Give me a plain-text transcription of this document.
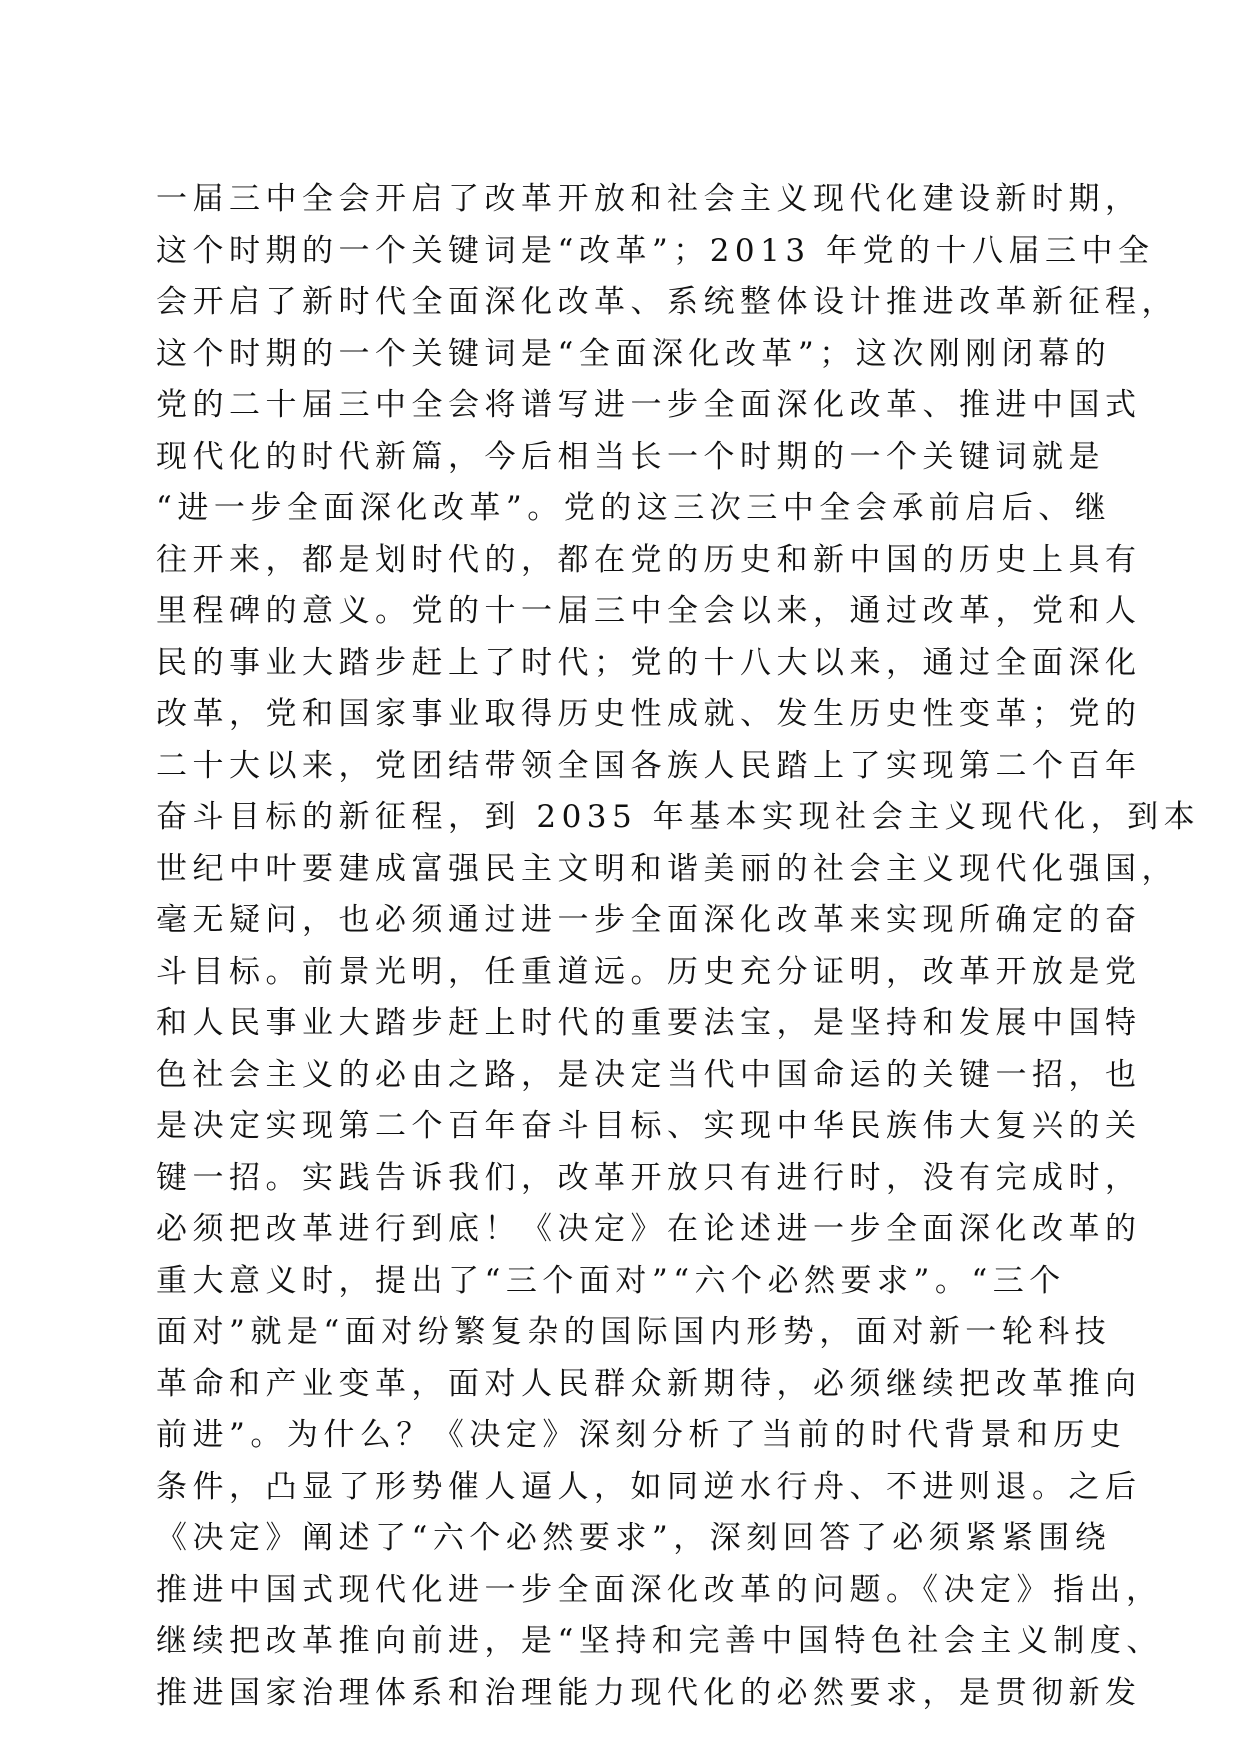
一届三中全会开启了改革开放和社会主义现代化建设新时期，
这个时期的一个关键词是“改革”；2013 年党的十八届三中全
会开启了新时代全面深化改革、系统整体设计推进改革新征程，
这个时期的一个关键词是“全面深化改革”；这次刚刚闭幕的
党的二十届三中全会将谱写进一步全面深化改革、推进中国式
现代化的时代新篇，今后相当长一个时期的一个关键词就是
“进一步全面深化改革”。党的这三次三中全会承前启后、继
往开来，都是划时代的，都在党的历史和新中国的历史上具有
里程碑的意义。党的十一届三中全会以来，通过改革，党和人
民的事业大踏步赶上了时代；党的十八大以来，通过全面深化
改革，党和国家事业取得历史性成就、发生历史性变革；党的
二十大以来，党团结带领全国各族人民踏上了实现第二个百年
奋斗目标的新征程，到 2035 年基本实现社会主义现代化，到本
世纪中叶要建成富强民主文明和谐美丽的社会主义现代化强国，
毫无疑问，也必须通过进一步全面深化改革来实现所确定的奋
斗目标。前景光明，任重道远。历史充分证明，改革开放是党
和人民事业大踏步赶上时代的重要法宝，是坚持和发展中国特
色社会主义的必由之路，是决定当代中国命运的关键一招，也
是决定实现第二个百年奋斗目标、实现中华民族伟大复兴的关
键一招。实践告诉我们，改革开放只有进行时，没有完成时，
必须把改革进行到底！《决定》在论述进一步全面深化改革的
重大意义时，提出了“三个面对”“六个必然要求”。“三个
面对”就是“面对纷繁复杂的国际国内形势，面对新一轮科技
革命和产业变革，面对人民群众新期待，必须继续把改革推向
前进”。为什么？《决定》深刻分析了当前的时代背景和历史
条件，凸显了形势催人逼人，如同逆水行舟、不进则退。之后
《决定》阐述了“六个必然要求”，深刻回答了必须紧紧围绕
推进中国式现代化进一步全面深化改革的问题。《决定》指出，
继续把改革推向前进，是“坚持和完善中国特色社会主义制度、
推进国家治理体系和治理能力现代化的必然要求，是贯彻新发
